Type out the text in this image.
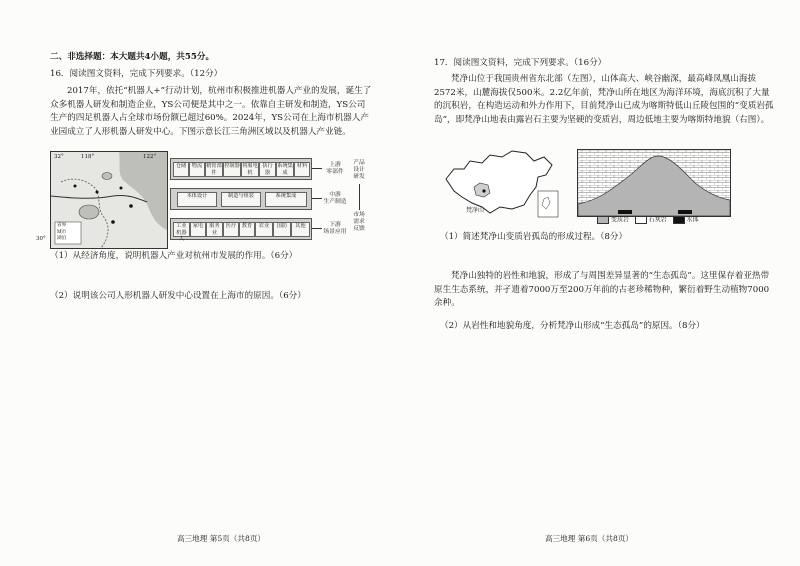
二、非选择题：本大题共4小题，共55分。
16．阅读图文资料，完成下列要求。（12分）
2017年，依托“机器人+”行动计划，杭州市积极推进机器人产业的发展，诞生了众多机器人研发和制造企业，YS公司便是其中之一。依靠自主研发和制造，YS公司生产的四足机器人占全球市场份额已超过60%。2024年，YS公司在上海市机器人产业园成立了人形机器人研发中心。下图示意长江三角洲区域以及机器人产业链。
32°	118°	122°
省界
城市
湖泊
30°
仓储	物流 精密部件
控制器 伺服电机
执行器
系统集成
材料
本体设计	制造与组装	系统集成
工业机器人
家电	服务业
医疗	教育	农业	国防	其他
上游
零部件
中游
生产制造
下游
场景应用
产品
设计
研发
市场
需求
反馈
（1）从经济角度，说明机器人产业对杭州市发展的作用。（6分）
（2）说明该公司人形机器人研发中心设置在上海市的原因。（6分）
高三地理 第5页（共8页）
17．阅读图文资料，完成下列要求。（16分）
梵净山位于我国贵州省东北部（左图），山体高大、峡谷幽深，最高峰凤凰山海拔2572米，山麓海拔仅500米。2.2亿年前，梵净山所在地区为海洋环境，海底沉积了大量的沉积岩，在构造运动和外力作用下，目前梵净山已成为喀斯特低山丘陵包围的“变质岩孤岛”，即梵净山地表由露岩石主要为坚硬的变质岩，周边低地主要为喀斯特地貌（右图）。
梵净山
变质岩	石灰岩	水体
（1）简述梵净山变质岩孤岛的形成过程。（8分）
梵净山独特的岩性和地貌，形成了与周围差异显著的“生态孤岛”。这里保存着亚热带原生生态系统，并孑遗着7000万至200万年前的古老珍稀物种，繁衍着野生动植物7000余种。
（2）从岩性和地貌角度，分析梵净山形成“生态孤岛”的原因。（8分）
高三地理 第6页（共8页）
